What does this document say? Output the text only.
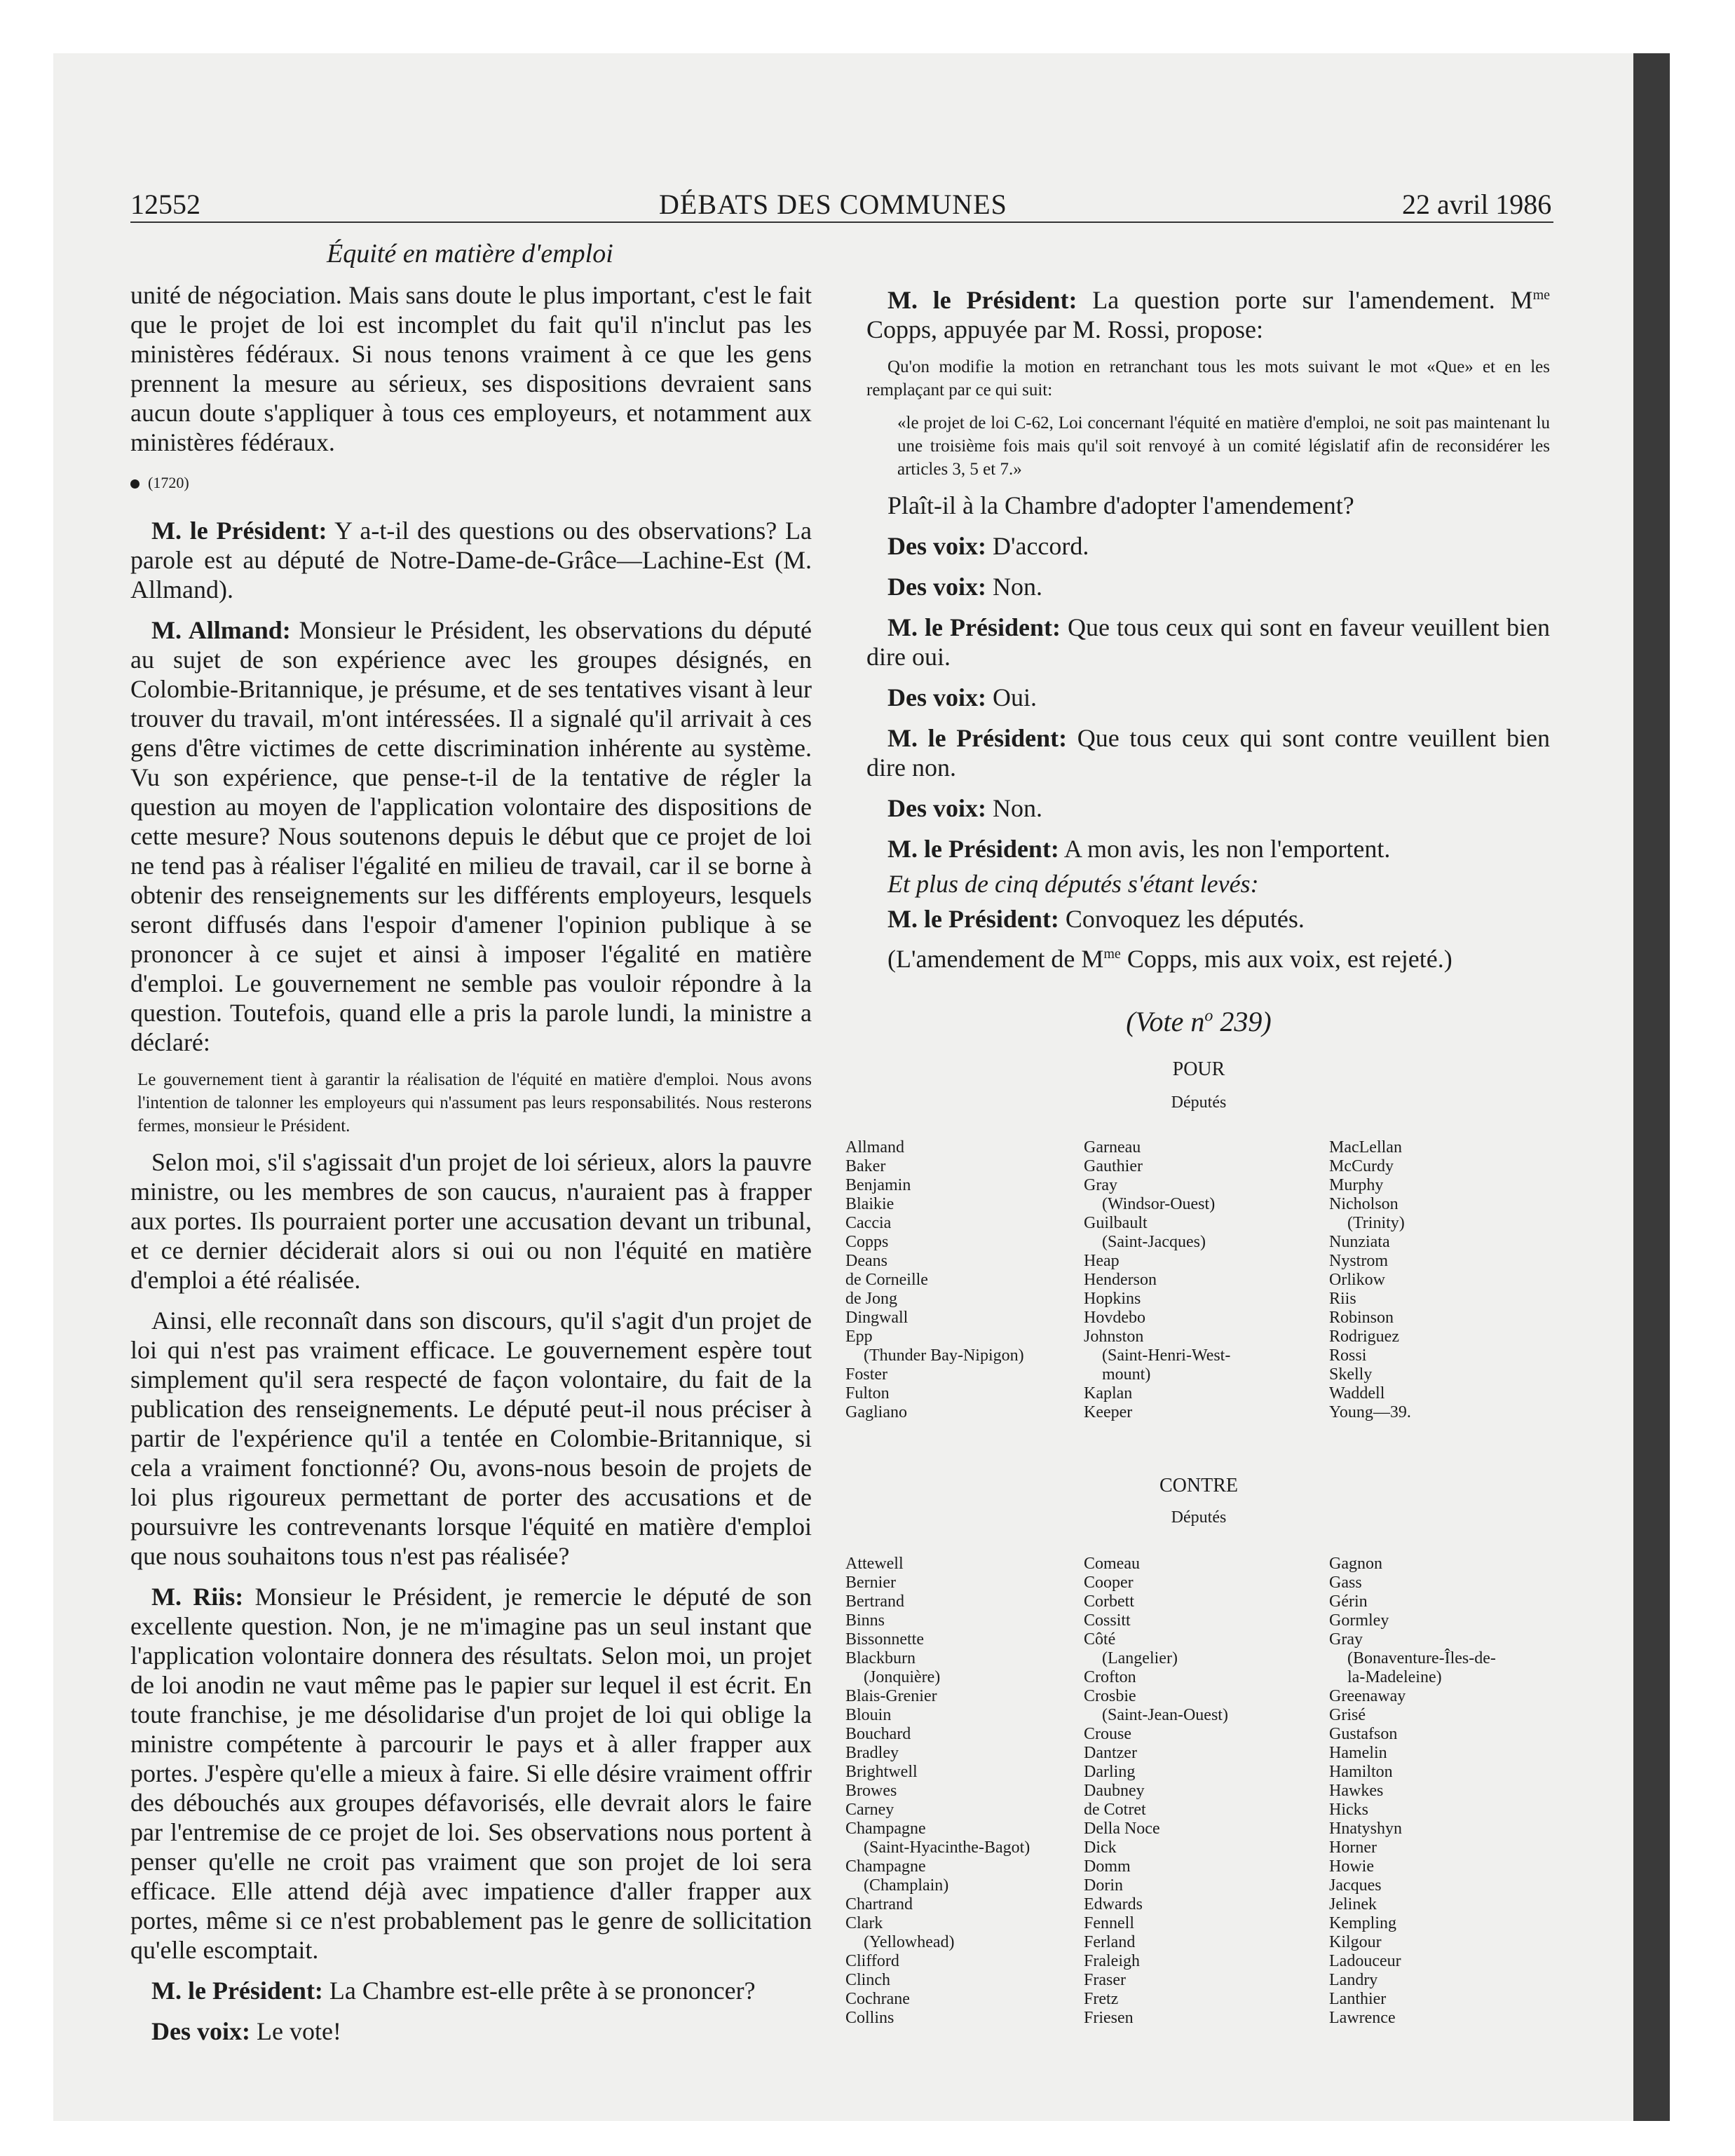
12552	DÉBATS DES COMMUNES	22 avril 1986
Équité en matière d'emploi

unité de négociation. Mais sans doute le plus important, c'est le fait que le projet de loi est incomplet du fait qu'il n'inclut pas les ministères fédéraux. Si nous tenons vraiment à ce que les gens prennent la mesure au sérieux, ses dispositions devraient sans aucun doute s'appliquer à tous ces employeurs, et notamment aux ministères fédéraux.

(1720)

M. le Président: Y a-t-il des questions ou des observations? La parole est au député de Notre-Dame-de-Grâce—Lachine-Est (M. Allmand).

M. Allmand: Monsieur le Président, les observations du député au sujet de son expérience avec les groupes désignés, en Colombie-Britannique, je présume, et de ses tentatives visant à leur trouver du travail, m'ont intéressées. Il a signalé qu'il arrivait à ces gens d'être victimes de cette discrimination inhérente au système. Vu son expérience, que pense-t-il de la tentative de régler la question au moyen de l'application volontaire des dispositions de cette mesure? Nous soutenons depuis le début que ce projet de loi ne tend pas à réaliser l'égalité en milieu de travail, car il se borne à obtenir des renseignements sur les différents employeurs, lesquels seront diffusés dans l'espoir d'amener l'opinion publique à se prononcer à ce sujet et ainsi à imposer l'égalité en matière d'emploi. Le gouvernement ne semble pas vouloir répondre à la question. Toutefois, quand elle a pris la parole lundi, la ministre a déclaré:

Le gouvernement tient à garantir la réalisation de l'équité en matière d'emploi. Nous avons l'intention de talonner les employeurs qui n'assument pas leurs responsabilités. Nous resterons fermes, monsieur le Président.

Selon moi, s'il s'agissait d'un projet de loi sérieux, alors la pauvre ministre, ou les membres de son caucus, n'auraient pas à frapper aux portes. Ils pourraient porter une accusation devant un tribunal, et ce dernier déciderait alors si oui ou non l'équité en matière d'emploi a été réalisée.

Ainsi, elle reconnaît dans son discours, qu'il s'agit d'un projet de loi qui n'est pas vraiment efficace. Le gouvernement espère tout simplement qu'il sera respecté de façon volontaire, du fait de la publication des renseignements. Le député peut-il nous préciser à partir de l'expérience qu'il a tentée en Colombie-Britannique, si cela a vraiment fonctionné? Ou, avons-nous besoin de projets de loi plus rigoureux permettant de porter des accusations et de poursuivre les contrevenants lorsque l'équité en matière d'emploi que nous souhaitons tous n'est pas réalisée?

M. Riis: Monsieur le Président, je remercie le député de son excellente question. Non, je ne m'imagine pas un seul instant que l'application volontaire donnera des résultats. Selon moi, un projet de loi anodin ne vaut même pas le papier sur lequel il est écrit. En toute franchise, je me désolidarise d'un projet de loi qui oblige la ministre compétente à parcourir le pays et à aller frapper aux portes. J'espère qu'elle a mieux à faire. Si elle désire vraiment offrir des débouchés aux groupes défavorisés, elle devrait alors le faire par l'entremise de ce projet de loi. Ses observations nous portent à penser qu'elle ne croit pas vraiment que son projet de loi sera efficace. Elle attend déjà avec impatience d'aller frapper aux portes, même si ce n'est probablement pas le genre de sollicitation qu'elle escomptait.

M. le Président: La Chambre est-elle prête à se prononcer?

Des voix: Le vote!

M. le Président: La question porte sur l'amendement. $M^{me}$ Copps, appuyée par M. Rossi, propose:

Qu'on modifie la motion en retranchant tous les mots suivant le mot «Que» et en les remplaçant par ce qui suit:
«le projet de loi C-62, Loi concernant l'équité en matière d'emploi, ne soit pas maintenant lu une troisième fois mais qu'il soit renvoyé à un comité législatif afin de reconsidérer les articles 3, 5 et 7.»

Plaît-il à la Chambre d'adopter l'amendement?

Des voix: D'accord.

Des voix: Non.

M. le Président: Que tous ceux qui sont en faveur veuillent bien dire oui.

Des voix: Oui.

M. le Président: Que tous ceux qui sont contre veuillent bien dire non.

Des voix: Non.

M. le Président: A mon avis, les non l'emportent.

Et plus de cinq députés s'étant levés:

M. le Président: Convoquez les députés.

(L'amendement de $M^{me}$ Copps, mis aux voix, est rejeté.)

(Vote $n^o$ 239)
POUR
Députés
Allmand
Baker
Benjamin
Blaikie
Caccia
Copps
Deans
de Corneille
de Jong
Dingwall
Epp
(Thunder Bay-Nipigon)
Foster
Fulton
Gagliano
Garneau
Gauthier
Gray
(Windsor-Ouest)
Guilbault
(Saint-Jacques)
Heap
Henderson
Hopkins
Hovdebo
Johnston
(Saint-Henri-West-
mount)
Kaplan
Keeper
MacLellan
McCurdy
Murphy
Nicholson
(Trinity)
Nunziata
Nystrom
Orlikow
Riis
Robinson
Rodriguez
Rossi
Skelly
Waddell
Young—39.
CONTRE
Députés
Attewell
Bernier
Bertrand
Binns
Bissonnette
Blackburn
(Jonquière)
Blais-Grenier
Blouin
Bouchard
Bradley
Brightwell
Browes
Carney
Champagne
(Saint-Hyacinthe-Bagot)
Champagne
(Champlain)
Chartrand
Clark
(Yellowhead)
Clifford
Clinch
Cochrane
Collins
Comeau
Cooper
Corbett
Cossitt
Côté
(Langelier)
Crofton
Crosbie
(Saint-Jean-Ouest)
Crouse
Dantzer
Darling
Daubney
de Cotret
Della Noce
Dick
Domm
Dorin
Edwards
Fennell
Ferland
Fraleigh
Fraser
Fretz
Friesen
Gagnon
Gass
Gérin
Gormley
Gray
(Bonaventure-Îles-de-
la-Madeleine)
Greenaway
Grisé
Gustafson
Hamelin
Hamilton
Hawkes
Hicks
Hnatyshyn
Horner
Howie
Jacques
Jelinek
Kempling
Kilgour
Ladouceur
Landry
Lanthier
Lawrence
